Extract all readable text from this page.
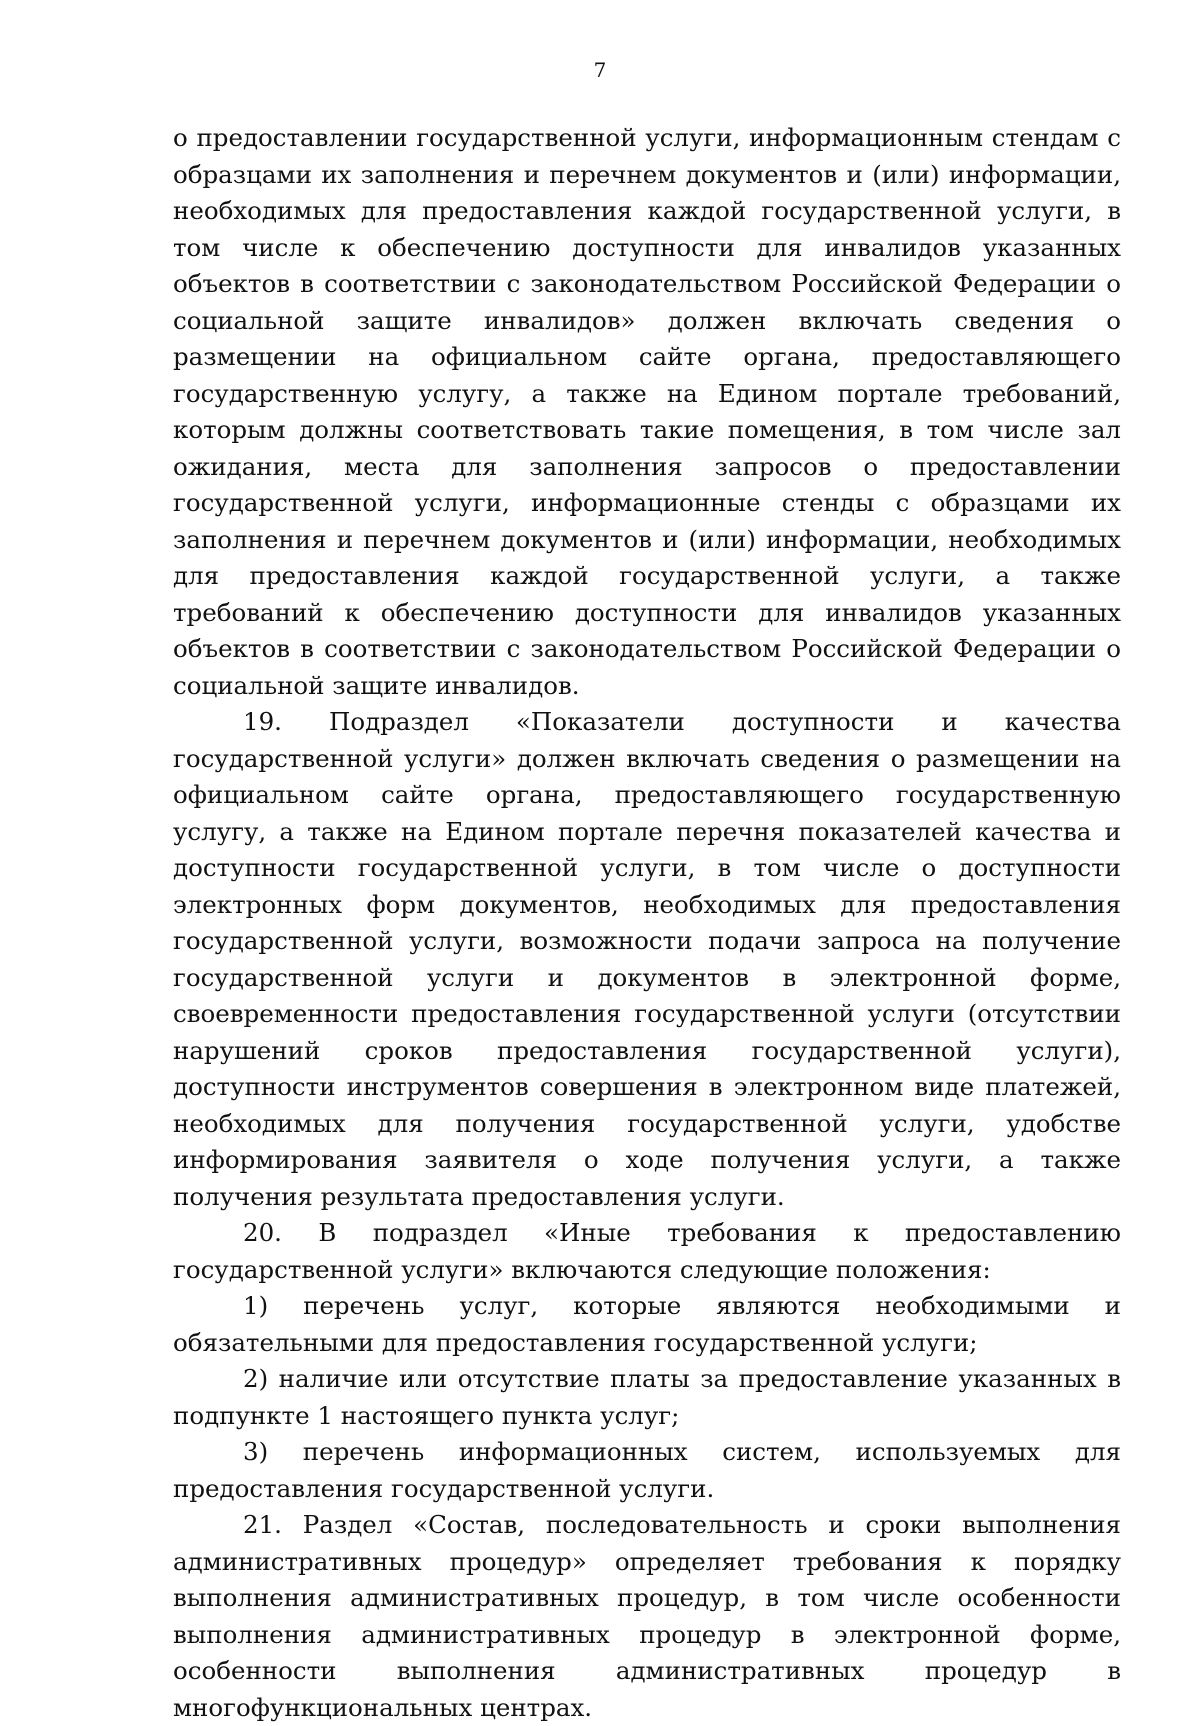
7

о предоставлении государственной услуги, информационным стендам с образцами их заполнения и перечнем документов и (или) информации, необходимых для предоставления каждой государственной услуги, в том числе к обеспечению доступности для инвалидов указанных объектов в соответствии с законодательством Российской Федерации о социальной защите инвалидов» должен включать сведения о размещении на официальном сайте органа, предоставляющего государственную услугу, а также на Едином портале требований, которым должны соответствовать такие помещения, в том числе зал ожидания, места для заполнения запросов о предоставлении государственной услуги, информационные стенды с образцами их заполнения и перечнем документов и (или) информации, необходимых для предоставления каждой государственной услуги, а также требований к обеспечению доступности для инвалидов указанных объектов в соответствии с законодательством Российской Федерации о социальной защите инвалидов.

19. Подраздел «Показатели доступности и качества государственной услуги» должен включать сведения о размещении на официальном сайте органа, предоставляющего государственную услугу, а также на Едином портале перечня показателей качества и доступности государственной услуги, в том числе о доступности электронных форм документов, необходимых для предоставления государственной услуги, возможности подачи запроса на получение государственной услуги и документов в электронной форме, своевременности предоставления государственной услуги (отсутствии нарушений сроков предоставления государственной услуги), доступности инструментов совершения в электронном виде платежей, необходимых для получения государственной услуги, удобстве информирования заявителя о ходе получения услуги, а также получения результата предоставления услуги.

20. В подраздел «Иные требования к предоставлению государственной услуги» включаются следующие положения:

1) перечень услуг, которые являются необходимыми и обязательными для предоставления государственной услуги;

2) наличие или отсутствие платы за предоставление указанных в подпункте 1 настоящего пункта услуг;

3) перечень информационных систем, используемых для предоставления государственной услуги.

21. Раздел «Состав, последовательность и сроки выполнения административных процедур» определяет требования к порядку выполнения административных процедур, в том числе особенности выполнения административных процедур в электронной форме, особенности выполнения административных процедур в многофункциональных центрах.
